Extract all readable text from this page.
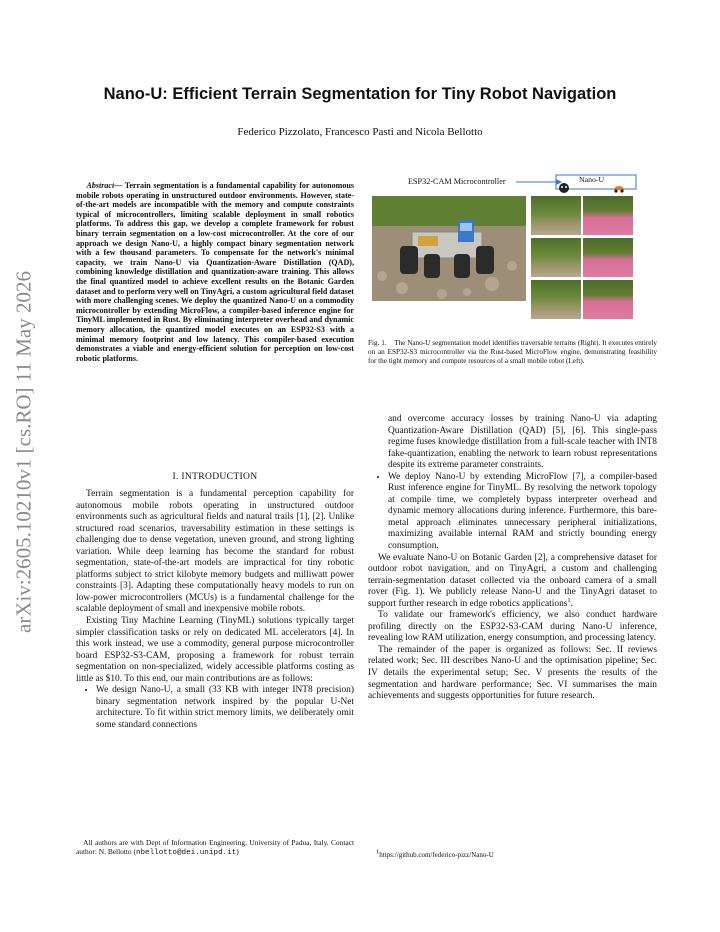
Nano-U: Efficient Terrain Segmentation for Tiny Robot Navigation
Federico Pizzolato, Francesco Pasti and Nicola Bellotto
arXiv:2605.10210v1 [cs.RO] 11 May 2026
Abstract— Terrain segmentation is a fundamental capability for autonomous mobile robots operating in unstructured outdoor environments. However, state-of-the-art models are incompatible with the memory and compute constraints typical of microcontrollers, limiting scalable deployment in small robotics platforms. To address this gap, we develop a complete framework for robust binary terrain segmentation on a low-cost microcontroller. At the core of our approach we design Nano-U, a highly compact binary segmentation network with a few thousand parameters. To compensate for the network's minimal capacity, we train Nano-U via Quantization-Aware Distillation (QAD), combining knowledge distillation and quantization-aware training. This allows the final quantized model to achieve excellent results on the Botanic Garden dataset and to perform very well on TinyAgri, a custom agricultural field dataset with more challenging scenes. We deploy the quantized Nano-U on a commodity microcontroller by extending MicroFlow, a compiler-based inference engine for TinyML implemented in Rust. By eliminating interpreter overhead and dynamic memory allocation, the quantized model executes on an ESP32-S3 with a minimal memory footprint and low latency. This compiler-based execution demonstrates a viable and energy-efficient solution for perception on low-cost robotic platforms.
I. INTRODUCTION

Terrain segmentation is a fundamental perception capability for autonomous mobile robots operating in unstructured outdoor environments such as agricultural fields and natural trails [1], [2]. Unlike structured road scenarios, traversability estimation in these settings is challenging due to dense vegetation, uneven ground, and strong lighting variation. While deep learning has become the standard for robust segmentation, state-of-the-art models are impractical for tiny robotic platforms subject to strict kilobyte memory budgets and milliwatt power constraints [3]. Adapting these computationally heavy models to run on low-power microcontrollers (MCUs) is a fundamental challenge for the scalable deployment of small and inexpensive mobile robots.

Existing Tiny Machine Learning (TinyML) solutions typically target simpler classification tasks or rely on dedicated ML accelerators [4]. In this work instead, we use a commodity, general purpose microcontroller board ESP32-S3-CAM, proposing a framework for robust terrain segmentation on non-specialized, widely accessible platforms costing as little as $10. To this end, our main contributions are as follows:

• We design Nano-U, a small (33 KB with integer INT8 precision) binary segmentation network inspired by the popular U-Net architecture. To fit within strict memory limits, we deliberately omit some standard connections
All authors are with Dept of Information Engineering, University of Padua, Italy. Contact author: N. Bellotto (nbellotto@dei.unipd.it)
ESP32-CAM Microcontroller	Nano-U
Fig. 1. The Nano-U segmentation model identifies traversable terrains (Right). It executes entirely on an ESP32-S3 microcontroller via the Rust-based MicroFlow engine, demonstrating feasibility for the tight memory and compute resources of a small mobile robot (Left).

and overcome accuracy losses by training Nano-U via adapting Quantization-Aware Distillation (QAD) [5], [6]. This single-pass regime fuses knowledge distillation from a full-scale teacher with INT8 fake-quantization, enabling the network to learn robust representations despite its extreme parameter constraints.

• We deploy Nano-U by extending MicroFlow [7], a compiler-based Rust inference engine for TinyML. By resolving the network topology at compile time, we completely bypass interpreter overhead and dynamic memory allocations during inference. Furthermore, this bare-metal approach eliminates unnecessary peripheral initializations, maximizing available internal RAM and strictly bounding energy consumption.

We evaluate Nano-U on Botanic Garden [2], a comprehensive dataset for outdoor robot navigation, and on TinyAgri, a custom and challenging terrain-segmentation dataset collected via the onboard camera of a small rover (Fig. 1). We publicly release Nano-U and the TinyAgri dataset to support further research in edge robotics applications$^1$.

To validate our framework's efficiency, we also conduct hardware profiling directly on the ESP32-S3-CAM during Nano-U inference, revealing low RAM utilization, energy consumption, and processing latency.

The remainder of the paper is organized as follows: Sec. II reviews related work; Sec. III describes Nano-U and the optimisation pipeline; Sec. IV details the experimental setup; Sec. V presents the results of the segmentation and hardware performance; Sec. VI summarises the main achievements and suggests opportunities for future research.

1https://github.com/federico-pizz/Nano-U
